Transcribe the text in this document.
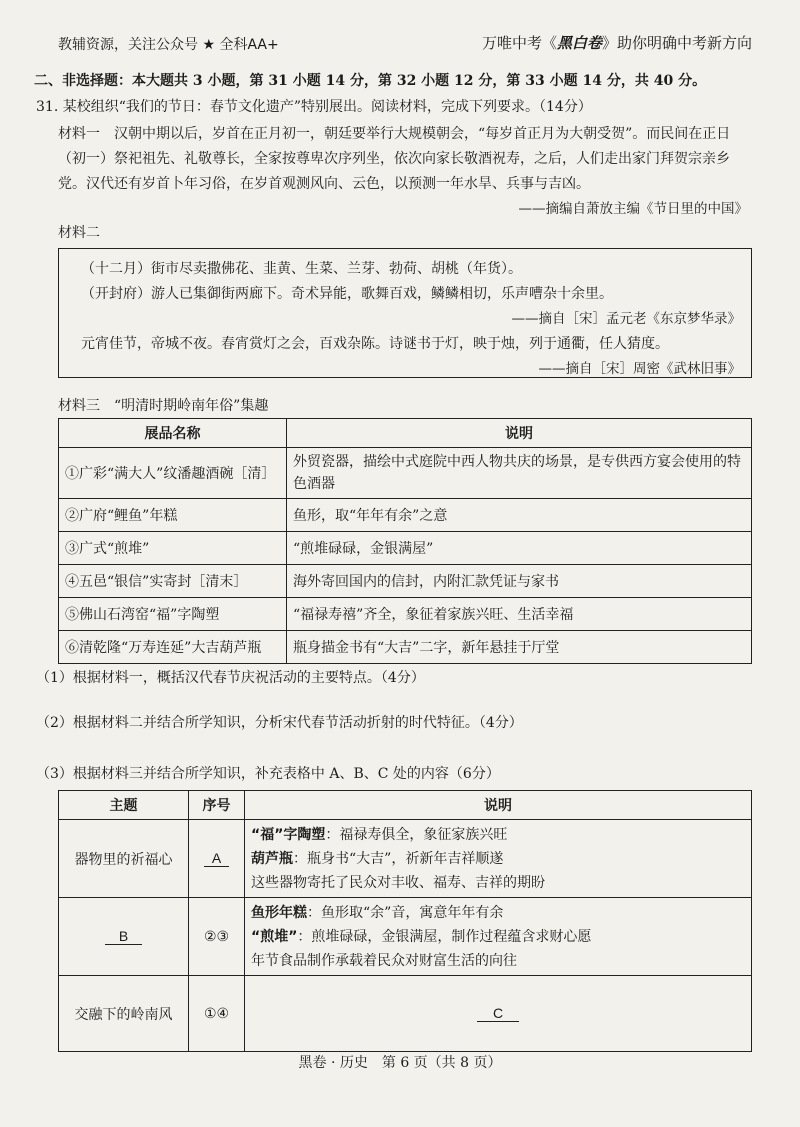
教辅资源，关注公众号 ★ 全科AA+	万唯中考《黑白卷》助你明确中考新方向
二、非选择题：本大题共 3 小题，第 31 小题 14 分，第 32 小题 12 分，第 33 小题 14 分，共 40 分。
31. 某校组织“我们的节日：春节文化遗产”特别展出。阅读材料，完成下列要求。（14分）
材料一　 汉朝中期以后，岁首在正月初一，朝廷要举行大规模朝会，“每岁首正月为大朝受贺”。而民间在正日（初一）祭祀祖先、礼敬尊长，全家按尊卑次序列坐，依次向家长敬酒祝寿，之后，人们走出家门拜贺宗亲乡党。汉代还有岁首卜年习俗，在岁首观测风向、云色，以预测一年水旱、兵事与吉凶。
——摘编自萧放主编《节日里的中国》
材料二

（十二月）街市尽卖撒佛花、韭黄、生菜、兰芽、勃荷、胡桃（年货）。

（开封府）游人已集御街两廊下。奇术异能，歌舞百戏，鳞鳞相切，乐声嘈杂十余里。

——摘自［宋］孟元老《东京梦华录》

元宵佳节，帝城不夜。春宵赏灯之会，百戏杂陈。诗谜书于灯，映于烛，列于通衢，任人猜度。

——摘自［宋］周密《武林旧事》

材料三 “明清时期岭南年俗”集趣
展品名称	说明
①广彩“满大人”纹潘趣酒碗［清］	外贸瓷器，描绘中式庭院中西人物共庆的场景，是专供西方宴会使用的特色酒器
②广府“鲤鱼”年糕	鱼形，取“年年有余”之意
③广式“煎堆”	“煎堆碌碌，金银满屋”
④五邑“银信”实寄封［清末］	海外寄回国内的信封，内附汇款凭证与家书
⑤佛山石湾窑“福”字陶塑	“福禄寿禧”齐全，象征着家族兴旺、生活幸福
⑥清乾隆“万寿连延”大吉葫芦瓶	瓶身描金书有“大吉”二字，新年悬挂于厅堂
（1）根据材料一，概括汉代春节庆祝活动的主要特点。（4分）
（2）根据材料二并结合所学知识，分析宋代春节活动折射的时代特征。（4分）
（3）根据材料三并结合所学知识，补充表格中 A、B、C 处的内容（6分）
主题	序号	说明
器物里的祈福心	A	“福”字陶塑：福禄寿俱全，象征家族兴旺
葫芦瓶：瓶身书“大吉”，祈新年吉祥顺遂
这些器物寄托了民众对丰收、福寿、吉祥的期盼

B	②③	鱼形年糕：鱼形取“余”音，寓意年年有余
“煎堆”：煎堆碌碌，金银满屋，制作过程蕴含求财心愿
年节食品制作承载着民众对财富生活的向往

交融下的岭南风	①④	C
黑卷 · 历史　第 6 页（共 8 页）
